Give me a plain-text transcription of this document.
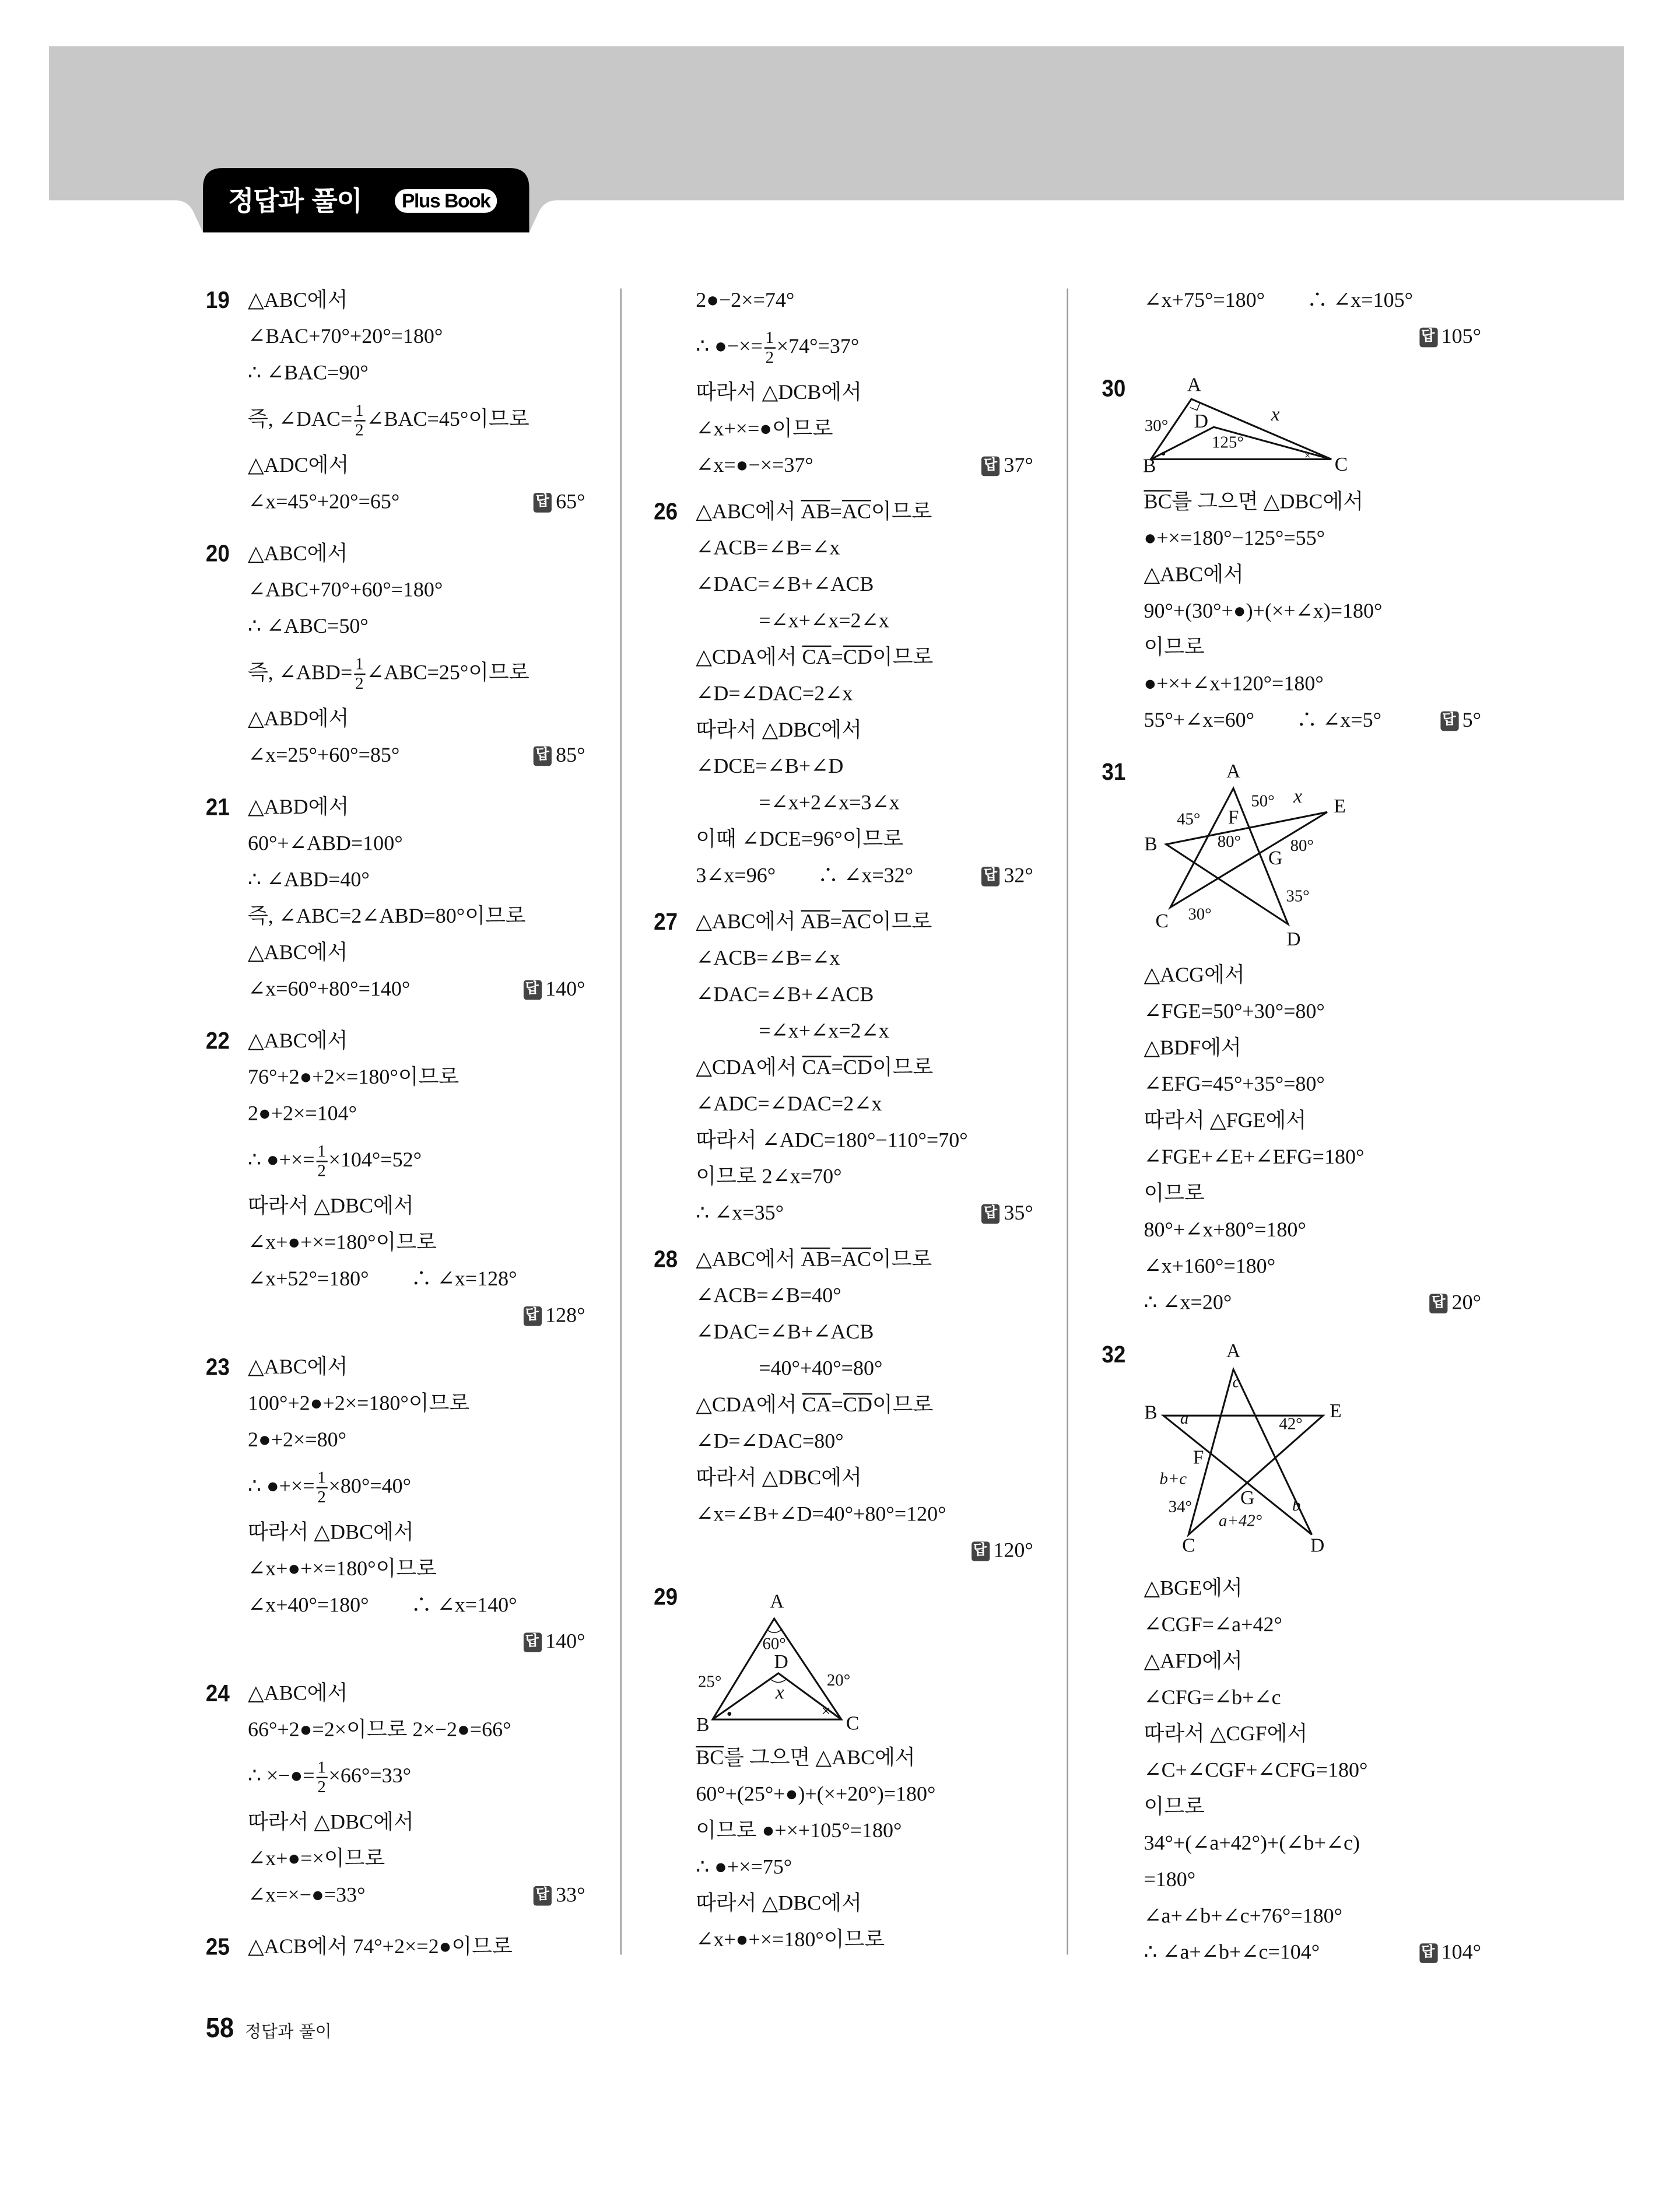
정답과 풀이	Plus Book
19 △ABC에서
∠BAC+70°+20°=180°
∴ ∠BAC=90°
즉, ∠DAC= $\frac{1}{2}$ ∠BAC=45°이므로
△ADC에서
∠x=45°+20°=65°	답 65°
20 △ABC에서
∠ABC+70°+60°=180°
∴ ∠ABC=50°
즉, ∠ABD= $\frac{1}{2}$ ∠ABC=25°이므로
△ABD에서
∠x=25°+60°=85°	답 85°
21 △ABD에서
60°+∠ABD=100°
∴ ∠ABD=40°
즉, ∠ABC=2∠ABD=80°이므로
△ABC에서
∠x=60°+80°=140°	답 140°
22 △ABC에서
76°+2●+2×=180°이므로
2●+2×=104°
∴ ●+×= $\frac{1}{2} \times 104^\circ=52^\circ$
따라서 △DBC에서
∠x+●+×=180°이므로
∠x+52°=180°　　∴ ∠x=128°
답 128°
23 △ABC에서
100°+2●+2×=180°이므로
2●+2×=80°
∴ ●+×= $\frac{1}{2} \times 80^\circ=40^\circ$
따라서 △DBC에서
∠x+●+×=180°이므로
∠x+40°=180°　　∴ ∠x=140°
답 140°
24 △ABC에서
66°+2●=2×이므로 2×−2●=66°
∴ ×−●= $\frac{1}{2} \times 66^\circ=33^\circ$
따라서 △DBC에서
∠x+●=×이므로
∠x=×−●=33°	답 33°
25 △ACB에서 74°+2×=2●이므로
2●−2×=74°
∴ ●−×= $\frac{1}{2} \times 74^\circ=37^\circ$
따라서 △DCB에서
∠x+×=●이므로
∠x=●−×=37°	답 37°
26 △ABC에서 $\overline{AB} = \overline{AC}$ 이므로
∠ACB=∠B=∠x
∠DAC=∠B+∠ACB
　　　=∠x+∠x=2∠x
△CDA에서 $\overline{CA} = \overline{CD}$ 이므로
∠D=∠DAC=2∠x
따라서 △DBC에서
∠DCE=∠B+∠D
　　　=∠x+2∠x=3∠x
이때 ∠DCE=96°이므로
3∠x=96°　　∴ ∠x=32°	답 32°
27 △ABC에서 $\overline{AB} = \overline{AC}$ 이므로
∠ACB=∠B=∠x
∠DAC=∠B+∠ACB
　　　=∠x+∠x=2∠x
△CDA에서 $\overline{CA} = \overline{CD}$ 이므로
∠ADC=∠DAC=2∠x
따라서 ∠ADC=180°−110°=70°
이므로 2∠x=70°
∴ ∠x=35°	답 35°
28 △ABC에서 $\overline{AB} = \overline{AC}$ 이므로
∠ACB=∠B=40°
∠DAC=∠B+∠ACB
　　　=40°+40°=80°
△CDA에서 $\overline{CA} = \overline{CD}$ 이므로
∠D=∠DAC=80°
따라서 △DBC에서
∠x=∠B+∠D=40°+80°=120°
답 120°
29
$\overline{BC}$ 를 그으면 △ABC에서
60°+(25°+●)+(×+20°)=180°
이므로 ●+×+105°=180°
∴ ●+×=75°
따라서 △DBC에서
∠x+●+×=180°이므로
∠x+75°=180°　　∴ ∠x=105°
답 105°
30
$\overline{BC}$ 를 그으면 △DBC에서
●+×=180°−125°=55°
△ABC에서
90°+(30°+●)+(×+∠x)=180°
이므로
●+×+∠x+120°=180°
55°+∠x=60°　　∴ ∠x=5°	답 5°
31
△ACG에서
∠FGE=50°+30°=80°
△BDF에서
∠EFG=45°+35°=80°
따라서 △FGE에서
∠FGE+∠E+∠EFG=180°
이므로
80°+∠x+80°=180°
∠x+160°=180°
∴ ∠x=20°	답 20°
32
△BGE에서
∠CGF=∠a+42°
△AFD에서
∠CFG=∠b+∠c
따라서 △CGF에서
∠C+∠CGF+∠CFG=180°
이므로
34°+(∠a+42°)+(∠b+∠c)
=180°
∠a+∠b+∠c+76°=180°
∴ ∠a+∠b+∠c=104°	답 104°
×
A
B	C
D
60°
25°	20°
x
×
A
B	C
D
30°
125°
x
A
B
C
D
E
F
G
50° x
45°
80°	80°
35°
30°
A
B
C	D
E
F
G
c
a	42°
b
b+c
34°
a+42°
58 정답과 풀이
